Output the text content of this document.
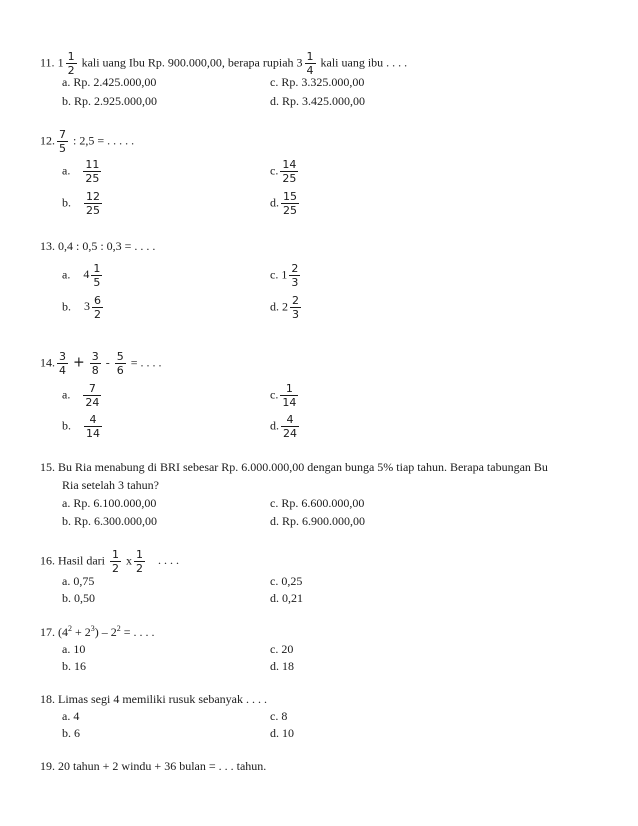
11. $1 \frac{1}{2}$ kali uang Ibu Rp. 900.000,00, berapa rupiah $3 \frac{1}{4}$ kali uang ibu . . . .
a. Rp. 2.425.000,00	c. Rp. 3.325.000,00
b. Rp. 2.925.000,00	d. Rp. 3.425.000,00
12. $\frac{7}{5}$ : 2,5 = . . . . .
a. $\frac{11}{25}$	c. $\frac{14}{25}$
b. $\frac{12}{25}$	d. $\frac{15}{25}$
13. 0,4 : 0,5 : 0,3 = . . . .
a. $4 \frac{1}{5}$	c. $1 \frac{2}{3}$
b. $3 \frac{6}{2}$	d. $2 \frac{2}{3}$
14. $\frac{3}{4} + \frac{3}{8} - \frac{5}{6}$ = . . . .
a. $\frac{7}{24}$	c. $\frac{1}{14}$
b. $\frac{4}{14}$	d. $\frac{4}{24}$
15. Bu Ria menabung di BRI sebesar Rp. 6.000.000,00 dengan bunga 5% tiap tahun. Berapa tabungan Bu
Ria setelah 3 tahun?
a. Rp. 6.100.000,00	c. Rp. 6.600.000,00
b. Rp. 6.300.000,00	d. Rp. 6.900.000,00
16. Hasil dari $\frac{1}{2}$ x $\frac{1}{2}$ . . . .
a. 0,75	c. 0,25
b. 0,50	d. 0,21
17. $(4^2 + 2^3) - 2^2$ = . . . .
a. 10	c. 20
b. 16	d. 18
18. Limas segi 4 memiliki rusuk sebanyak . . . .
a. 4	c. 8
b. 6	d. 10
19. 20 tahun + 2 windu + 36 bulan = . . . tahun.
